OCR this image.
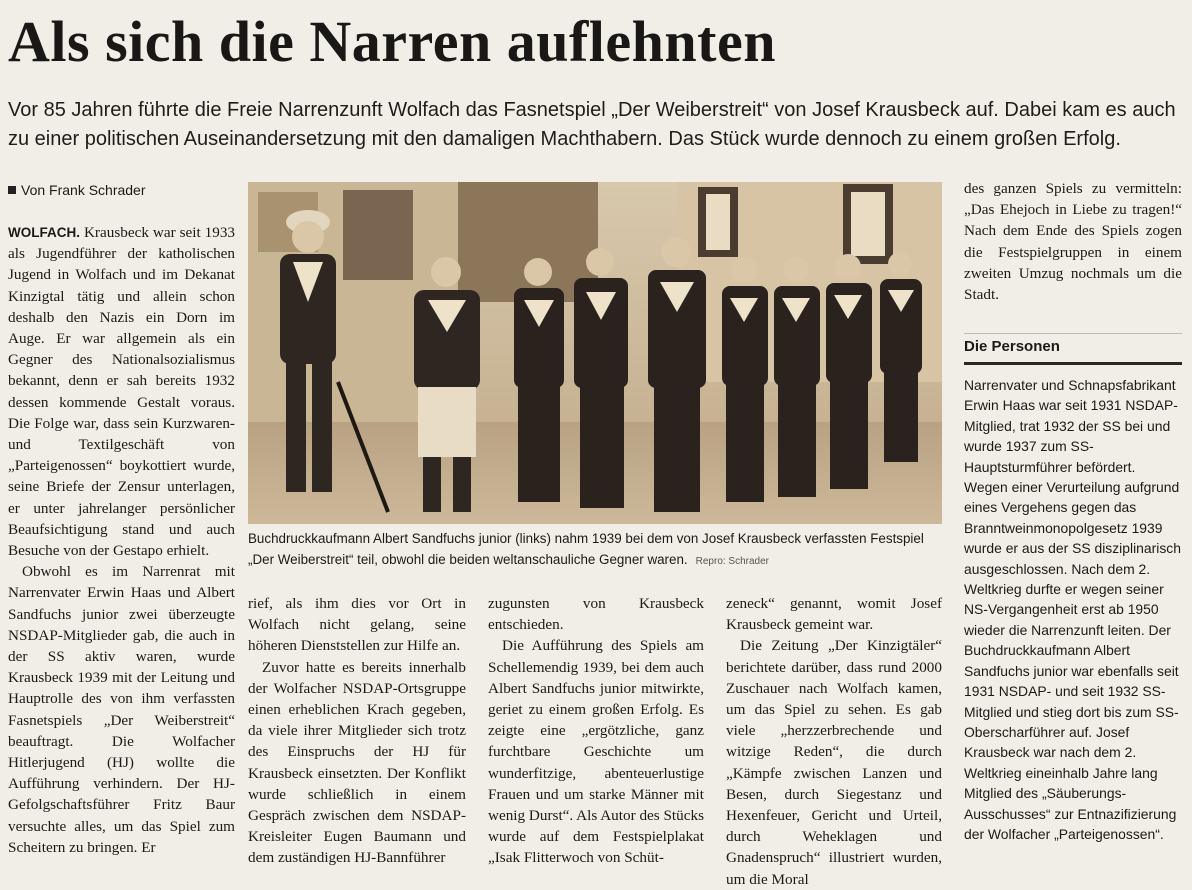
Als sich die Narren auflehnten
Vor 85 Jahren führte die Freie Narrenzunft Wolfach das Fasnetspiel „Der Weiberstreit“ von Josef Krausbeck auf. Dabei kam es auch zu einer politischen Auseinandersetzung mit den damaligen Machthabern. Das Stück wurde dennoch zu einem großen Erfolg.
Von Frank Schrader

WOLFACH. Krausbeck war seit 1933 als Jugendführer der katholischen Jugend in Wolfach und im Dekanat Kinzigtal tätig und allein schon deshalb den Nazis ein Dorn im Auge. Er war allgemein als ein Gegner des Nationalsozialismus bekannt, denn er sah bereits 1932 dessen kommende Gestalt voraus. Die Folge war, dass sein Kurzwaren- und Textilgeschäft von „Parteigenossen“ boykottiert wurde, seine Briefe der Zensur unterlagen, er unter jahrelanger persönlicher Beaufsichtigung stand und auch Besuche von der Gestapo erhielt.

Obwohl es im Narrenrat mit Narrenvater Erwin Haas und Albert Sandfuchs junior zwei überzeugte NSDAP-Mitglieder gab, die auch in der SS aktiv waren, wurde Krausbeck 1939 mit der Leitung und Hauptrolle des von ihm verfassten Fasnetspiels „Der Weiberstreit“ beauftragt. Die Wolfacher Hitlerjugend (HJ) wollte die Aufführung verhindern. Der HJ-Gefolgschaftsführer Fritz Baur versuchte alles, um das Spiel zum Scheitern zu bringen. Er

Buchdruckkaufmann Albert Sandfuchs junior (links) nahm 1939 bei dem von Josef Krausbeck verfassten Festspiel „Der Weiberstreit“ teil, obwohl die beiden weltanschauliche Gegner waren. Repro: Schrader

rief, als ihm dies vor Ort in Wolfach nicht gelang, seine höheren Dienststellen zur Hilfe an.

Zuvor hatte es bereits innerhalb der Wolfacher NSDAP-Ortsgruppe einen erheblichen Krach gegeben, da viele ihrer Mitglieder sich trotz des Einspruchs der HJ für Krausbeck einsetzten. Der Konflikt wurde schließlich in einem Gespräch zwischen dem NSDAP-Kreisleiter Eugen Baumann und dem zuständigen HJ-Bannführer

zugunsten von Krausbeck entschieden.

Die Aufführung des Spiels am Schellemendig 1939, bei dem auch Albert Sandfuchs junior mitwirkte, geriet zu einem großen Erfolg. Es zeigte eine „ergötzliche, ganz furchtbare Geschichte um wunderfitzige, abenteuerlustige Frauen und um starke Männer mit wenig Durst“. Als Autor des Stücks wurde auf dem Festspielplakat „Isak Flitterwoch von Schüt-

zeneck“ genannt, womit Josef Krausbeck gemeint war.

Die Zeitung „Der Kinzigtäler“ berichtete darüber, dass rund 2000 Zuschauer nach Wolfach kamen, um das Spiel zu sehen. Es gab viele „herzzerbrechende und witzige Reden“, die durch „Kämpfe zwischen Lanzen und Besen, durch Siegestanz und Hexenfeuer, Gericht und Urteil, durch Weheklagen und Gnadenspruch“ illustriert wurden, um die Moral

des ganzen Spiels zu vermitteln: „Das Ehejoch in Liebe zu tragen!“ Nach dem Ende des Spiels zogen die Festspielgruppen in einem zweiten Umzug nochmals um die Stadt.

Die Personen
Narrenvater und Schnapsfabrikant Erwin Haas war seit 1931 NSDAP-Mitglied, trat 1932 der SS bei und wurde 1937 zum SS-Hauptsturmführer befördert. Wegen einer Verurteilung aufgrund eines Vergehens gegen das Branntweinmonopolgesetz 1939 wurde er aus der SS disziplinarisch ausgeschlossen. Nach dem 2. Weltkrieg durfte er wegen seiner NS-Vergangenheit erst ab 1950 wieder die Narrenzunft leiten. Der Buchdruckkaufmann Albert Sandfuchs junior war ebenfalls seit 1931 NSDAP- und seit 1932 SS-Mitglied und stieg dort bis zum SS-Oberscharführer auf. Josef Krausbeck war nach dem 2. Weltkrieg eineinhalb Jahre lang Mitglied des „Säuberungs-Ausschusses“ zur Entnazifizierung der Wolfacher „Parteigenossen“.
